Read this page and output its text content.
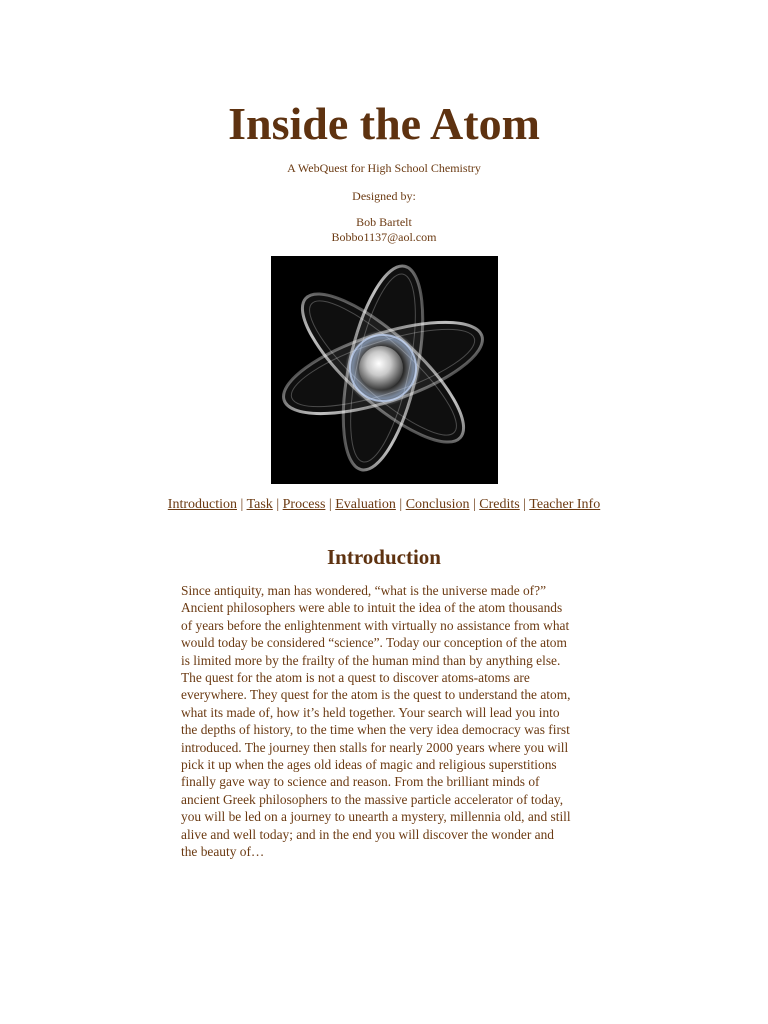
Inside the Atom

A WebQuest for High School Chemistry

Designed by:

Bob Bartelt

Bobbo1137@aol.com

Introduction | Task | Process | Evaluation | Conclusion | Credits | Teacher Info
Introduction

Since antiquity, man has wondered, “what is the universe made of?” Ancient philosophers were able to intuit the idea of the atom thousands of years before the enlightenment with virtually no assistance from what would today be considered “science”. Today our conception of the atom is limited more by the frailty of the human mind than by anything else. The quest for the atom is not a quest to discover atoms-atoms are everywhere. They quest for the atom is the quest to understand the atom, what its made of, how it’s held together. Your search will lead you into the depths of history, to the time when the very idea democracy was first introduced. The journey then stalls for nearly 2000 years where you will pick it up when the ages old ideas of magic and religious superstitions finally gave way to science and reason. From the brilliant minds of ancient Greek philosophers to the massive particle accelerator of today, you will be led on a journey to unearth a mystery, millennia old, and still alive and well today; and in the end you will discover the wonder and the beauty of…
